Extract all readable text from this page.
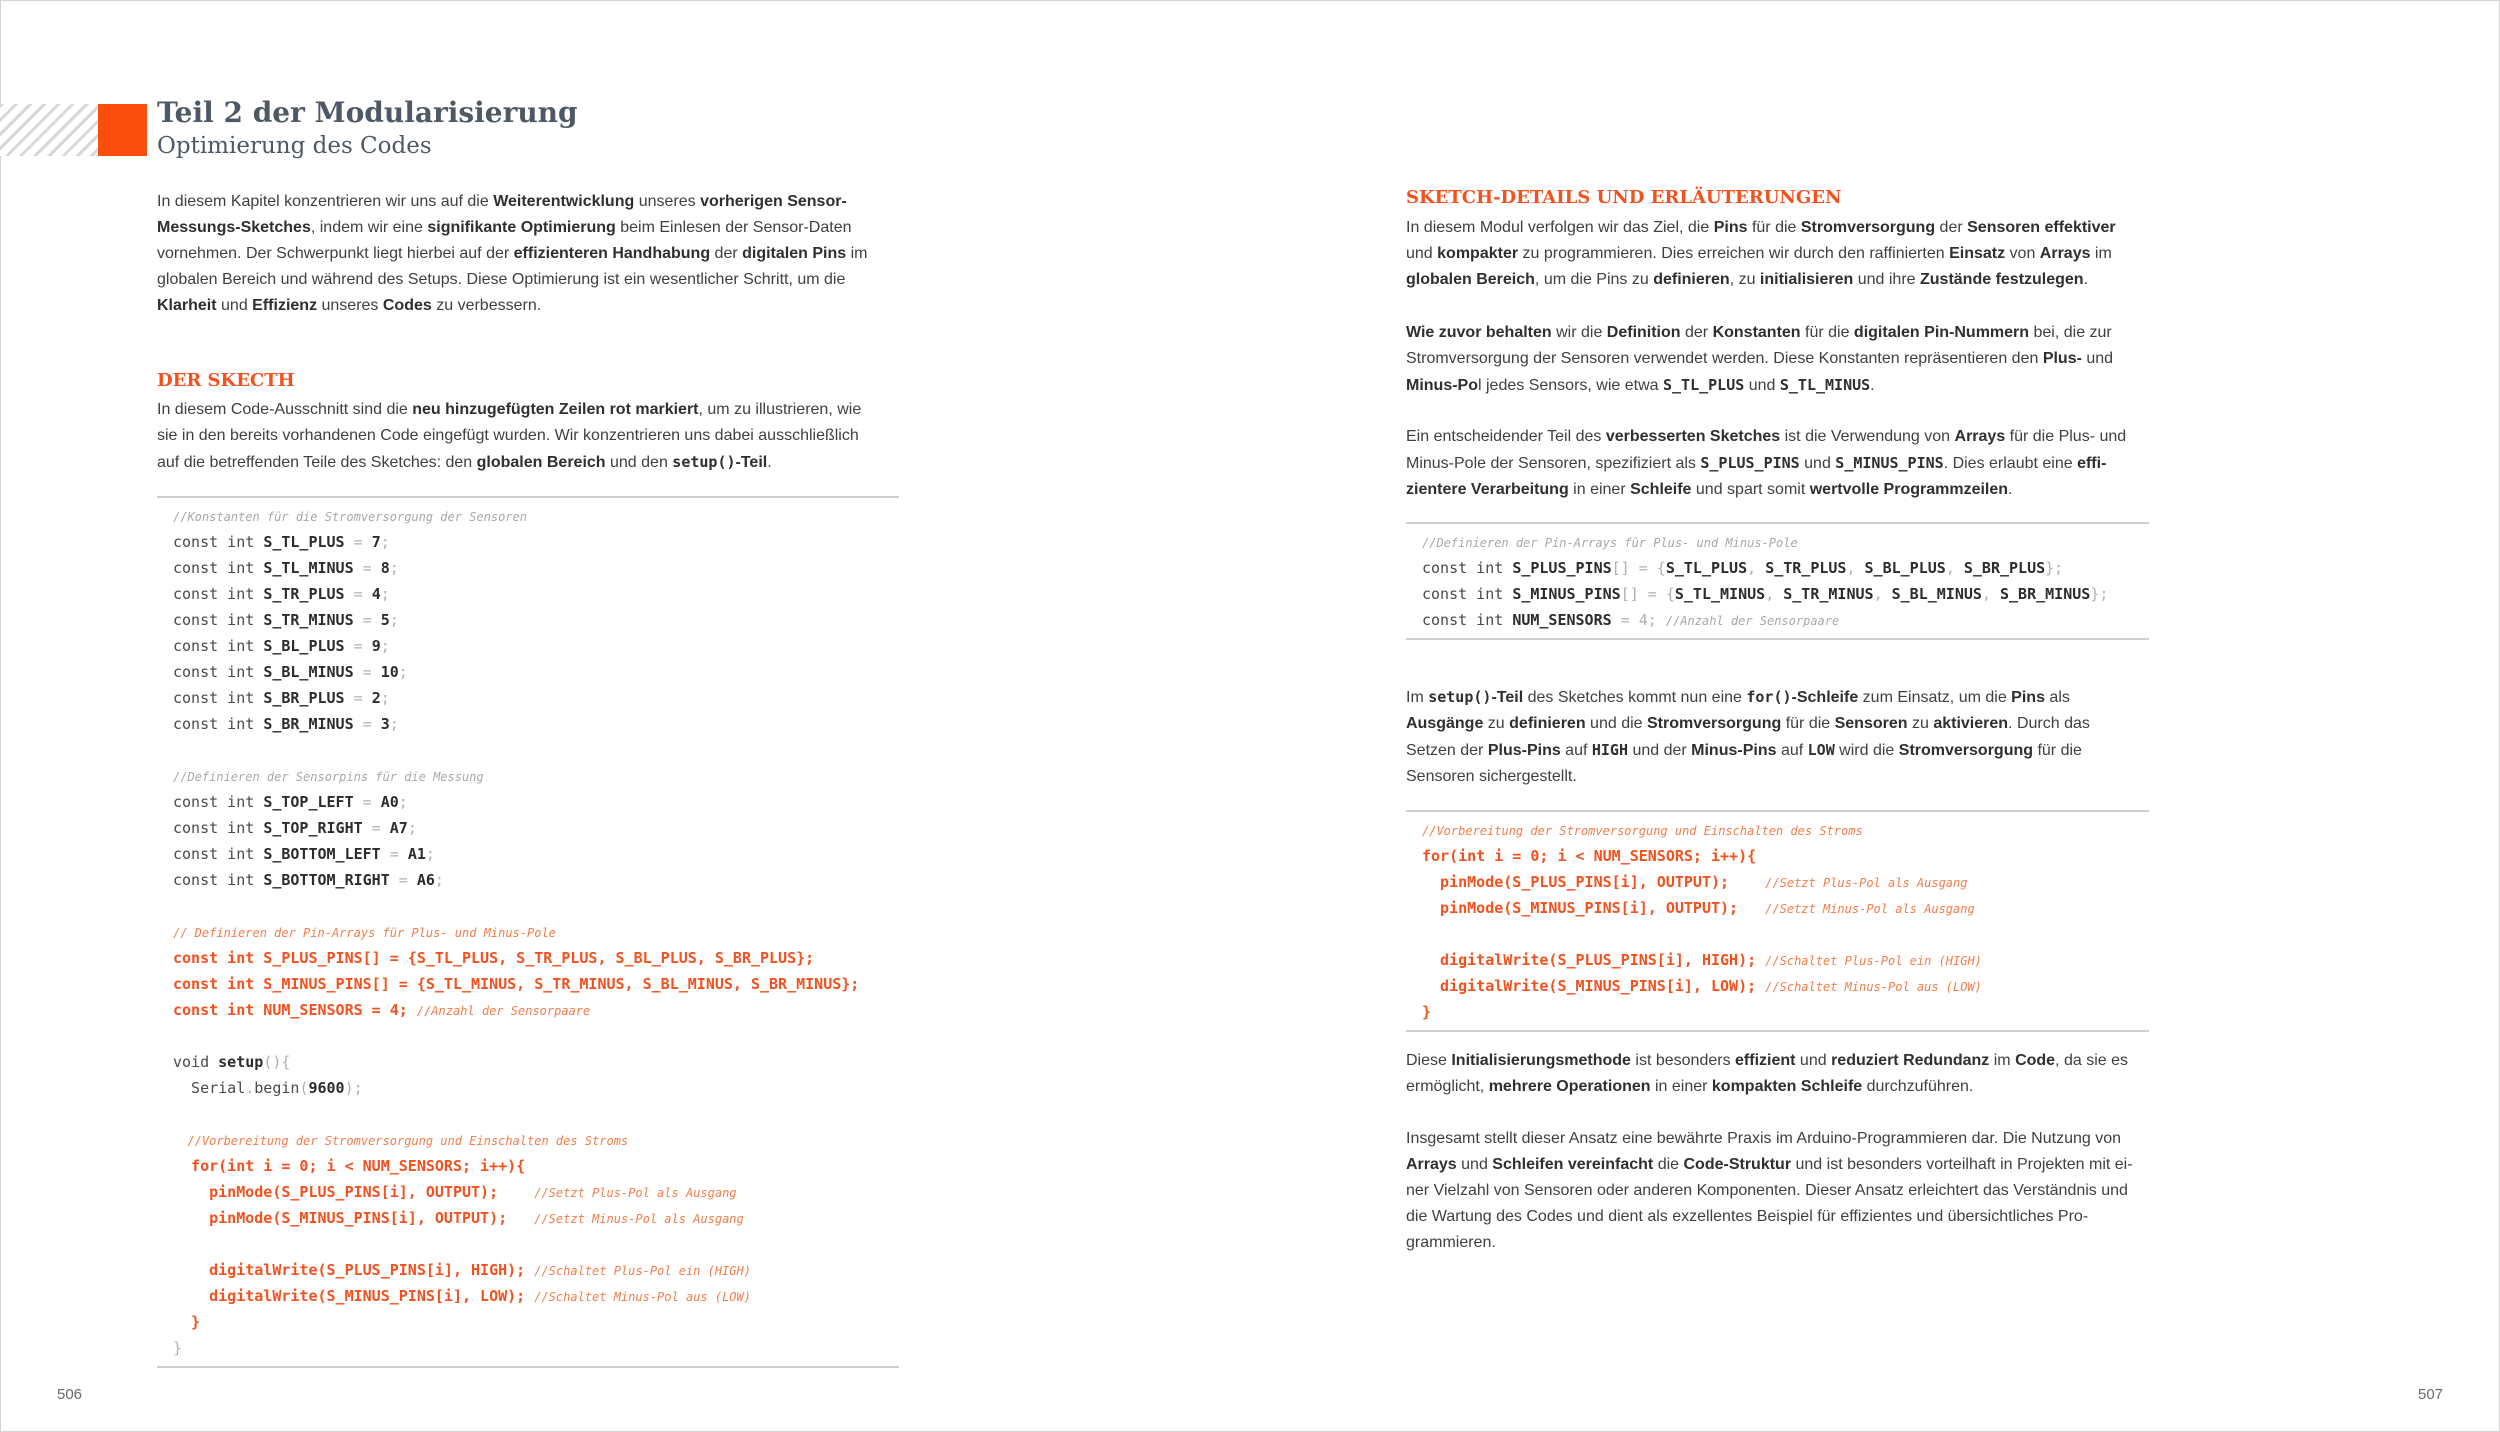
Teil 2 der Modularisierung
Optimierung des Codes
In diesem Kapitel konzentrieren wir uns auf die Weiterentwicklung unseres vorherigen Sensor-Messungs-Sketches, indem wir eine signifikante Optimierung beim Einlesen der Sensor-Daten vornehmen. Der Schwerpunkt liegt hierbei auf der effizienteren Handhabung der digitalen Pins im globalen Bereich und während des Setups. Diese Optimierung ist ein wesentlicher Schritt, um die Klarheit und Effizienz unseres Codes zu verbessern.
DER SKECTH
In diesem Code-Ausschnitt sind die neu hinzugefügten Zeilen rot markiert, um zu illustrieren, wie sie in den bereits vorhandenen Code eingefügt wurden. Wir konzentrieren uns dabei ausschließlich auf die betreffenden Teile des Sketches: den globalen Bereich und den setup()-Teil.
//Konstanten für die Stromversorgung der Sensoren
const int S_TL_PLUS = 7;
const int S_TL_MINUS = 8;
const int S_TR_PLUS = 4;
const int S_TR_MINUS = 5;
const int S_BL_PLUS = 9;
const int S_BL_MINUS = 10;
const int S_BR_PLUS = 2;
const int S_BR_MINUS = 3;

//Definieren der Sensorpins für die Messung
const int S_TOP_LEFT = A0;
const int S_TOP_RIGHT = A7;
const int S_BOTTOM_LEFT = A1;
const int S_BOTTOM_RIGHT = A6;

// Definieren der Pin-Arrays für Plus- und Minus-Pole
const int S_PLUS_PINS[] = {S_TL_PLUS, S_TR_PLUS, S_BL_PLUS, S_BR_PLUS};
const int S_MINUS_PINS[] = {S_TL_MINUS, S_TR_MINUS, S_BL_MINUS, S_BR_MINUS};
const int NUM_SENSORS = 4; //Anzahl der Sensorpaare

void setup(){
Serial.begin(9600);

//Vorbereitung der Stromversorgung und Einschalten des Stroms
for(int i = 0; i < NUM_SENSORS; i++){
pinMode(S_PLUS_PINS[i], OUTPUT);    //Setzt Plus-Pol als Ausgang
pinMode(S_MINUS_PINS[i], OUTPUT);   //Setzt Minus-Pol als Ausgang

digitalWrite(S_PLUS_PINS[i], HIGH); //Schaltet Plus-Pol ein (HIGH)
digitalWrite(S_MINUS_PINS[i], LOW); //Schaltet Minus-Pol aus (LOW)
}
}
506
SKETCH-DETAILS UND ERLÄUTERUNGEN
In diesem Modul verfolgen wir das Ziel, die Pins für die Stromversorgung der Sensoren effektiver und kompakter zu programmieren. Dies erreichen wir durch den raffinierten Einsatz von Arrays im globalen Bereich, um die Pins zu definieren, zu initialisieren und ihre Zustände festzulegen.
Wie zuvor behalten wir die Definition der Konstanten für die digitalen Pin-Nummern bei, die zur Stromversorgung der Sensoren verwendet werden. Diese Konstanten repräsentieren den Plus- und Minus-Pol jedes Sensors, wie etwa S_TL_PLUS und S_TL_MINUS.
Ein entscheidender Teil des verbesserten Sketches ist die Verwendung von Arrays für die Plus- und Minus-Pole der Sensoren, spezifiziert als S_PLUS_PINS und S_MINUS_PINS. Dies erlaubt eine effizientere Verarbeitung in einer Schleife und spart somit wertvolle Programmzeilen.
//Definieren der Pin-Arrays für Plus- und Minus-Pole
const int S_PLUS_PINS[] = {S_TL_PLUS, S_TR_PLUS, S_BL_PLUS, S_BR_PLUS};
const int S_MINUS_PINS[] = {S_TL_MINUS, S_TR_MINUS, S_BL_MINUS, S_BR_MINUS};
const int NUM_SENSORS = 4; //Anzahl der Sensorpaare
Im setup()-Teil des Sketches kommt nun eine for()-Schleife zum Einsatz, um die Pins als Ausgänge zu definieren und die Stromversorgung für die Sensoren zu aktivieren. Durch das Setzen der Plus-Pins auf HIGH und der Minus-Pins auf LOW wird die Stromversorgung für die Sensoren sichergestellt.
//Vorbereitung der Stromversorgung und Einschalten des Stroms
for(int i = 0; i < NUM_SENSORS; i++){
pinMode(S_PLUS_PINS[i], OUTPUT);    //Setzt Plus-Pol als Ausgang
pinMode(S_MINUS_PINS[i], OUTPUT);   //Setzt Minus-Pol als Ausgang

digitalWrite(S_PLUS_PINS[i], HIGH); //Schaltet Plus-Pol ein (HIGH)
digitalWrite(S_MINUS_PINS[i], LOW); //Schaltet Minus-Pol aus (LOW)
}
Diese Initialisierungsmethode ist besonders effizient und reduziert Redundanz im Code, da sie es ermöglicht, mehrere Operationen in einer kompakten Schleife durchzuführen.
Insgesamt stellt dieser Ansatz eine bewährte Praxis im Arduino-Programmieren dar. Die Nutzung von Arrays und Schleifen vereinfacht die Code-Struktur und ist besonders vorteilhaft in Projekten mit einer Vielzahl von Sensoren oder anderen Komponenten. Dieser Ansatz erleichtert das Verständnis und die Wartung des Codes und dient als exzellentes Beispiel für effizientes und übersichtliches Programmieren.
507
